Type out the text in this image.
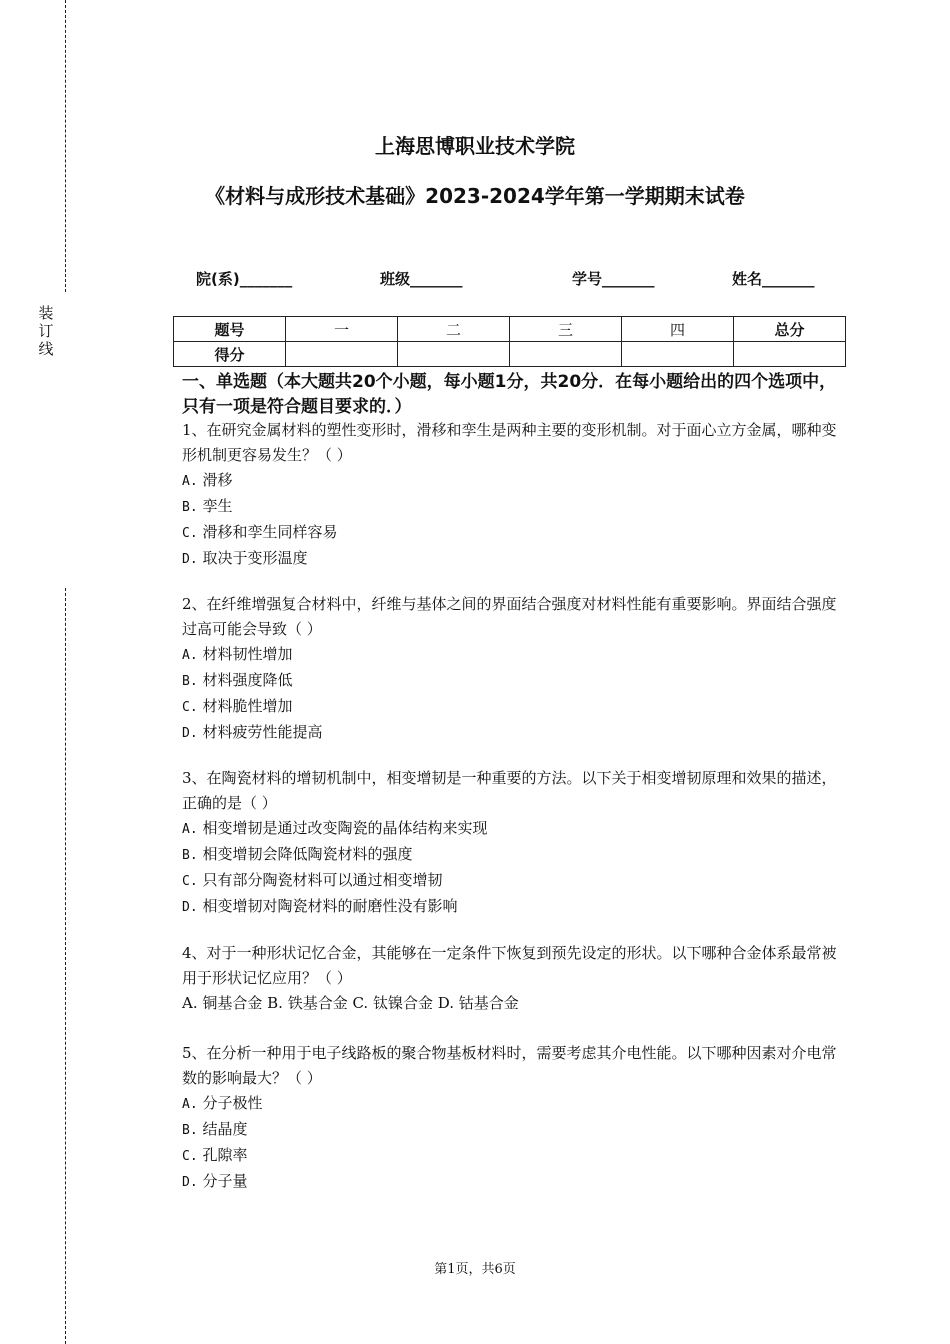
装
订
线
上海思博职业技术学院
《材料与成形技术基础》2023-2024学年第一学期期末试卷
院(系)_______	班级_______	学号_______	姓名_______
题号	一	二	三	四	总分
得分					
一、单选题（本大题共20个小题，每小题1分，共20分．在每小题给出的四个选项中，只有一项是符合题目要求的．）
1、在研究金属材料的塑性变形时，滑移和孪生是两种主要的变形机制。对于面心立方金属，哪种变形机制更容易发生？（ ）
A. 滑移
B. 孪生
C. 滑移和孪生同样容易
D. 取决于变形温度
2、在纤维增强复合材料中，纤维与基体之间的界面结合强度对材料性能有重要影响。界面结合强度过高可能会导致（ ）
A. 材料韧性增加
B. 材料强度降低
C. 材料脆性增加
D. 材料疲劳性能提高
3、在陶瓷材料的增韧机制中，相变增韧是一种重要的方法。以下关于相变增韧原理和效果的描述，正确的是（ ）
A. 相变增韧是通过改变陶瓷的晶体结构来实现
B. 相变增韧会降低陶瓷材料的强度
C. 只有部分陶瓷材料可以通过相变增韧
D. 相变增韧对陶瓷材料的耐磨性没有影响
4、对于一种形状记忆合金，其能够在一定条件下恢复到预先设定的形状。以下哪种合金体系最常被用于形状记忆应用？（ ）
A. 铜基合金 B. 铁基合金 C. 钛镍合金 D. 钴基合金
5、在分析一种用于电子线路板的聚合物基板材料时，需要考虑其介电性能。以下哪种因素对介电常数的影响最大？（ ）
A. 分子极性
B. 结晶度
C. 孔隙率
D. 分子量
第1页，共6页
